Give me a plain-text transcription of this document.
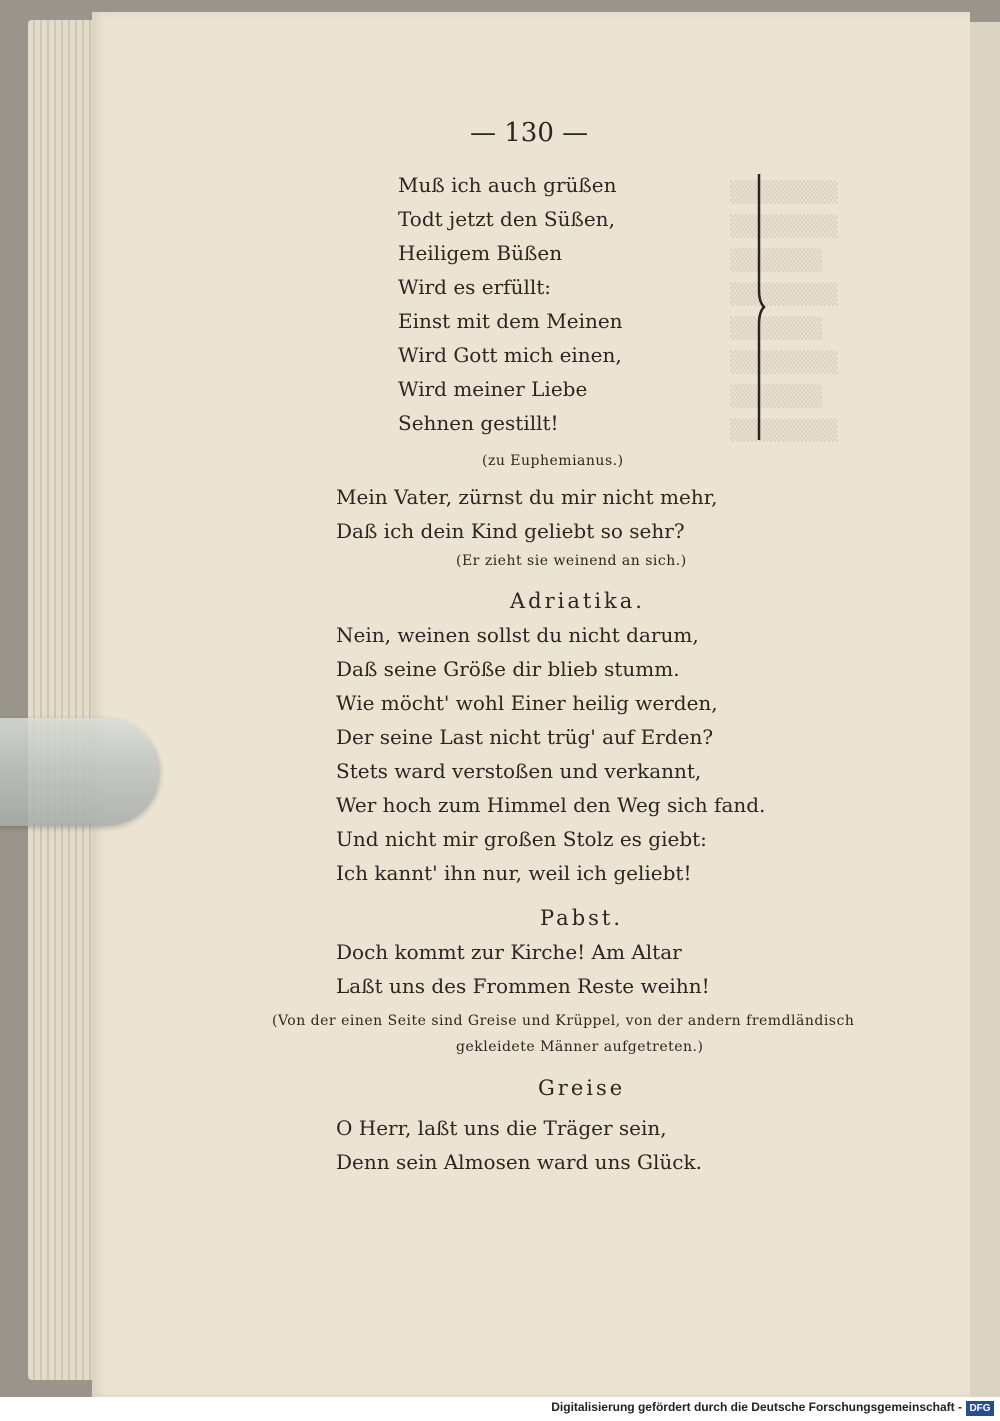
▒▒▒▒▒▒▒
▒▒▒▒▒▒▒
▒▒▒▒▒▒
▒▒▒▒▒▒▒
▒▒▒▒▒▒
▒▒▒▒▒▒▒
▒▒▒▒▒▒
▒▒▒▒▒▒▒
— 130 —
Muß ich auch grüßen
Todt jetzt den Süßen,
Heiligem Büßen
Wird es erfüllt:
Einst mit dem Meinen
Wird Gott mich einen,
Wird meiner Liebe
Sehnen gestillt!
(zu Euphemianus.)
Mein Vater, zürnst du mir nicht mehr,
Daß ich dein Kind geliebt so sehr?
(Er zieht sie weinend an sich.)
Adriatika.
Nein, weinen sollst du nicht darum,
Daß seine Größe dir blieb stumm.
Wie möcht' wohl Einer heilig werden,
Der seine Last nicht trüg' auf Erden?
Stets ward verstoßen und verkannt,
Wer hoch zum Himmel den Weg sich fand.
Und nicht mir großen Stolz es giebt:
Ich kannt' ihn nur, weil ich geliebt!
Pabst.
Doch kommt zur Kirche! Am Altar
Laßt uns des Frommen Reste weihn!
(Von der einen Seite sind Greise und Krüppel, von der andern fremdländisch
gekleidete Männer aufgetreten.)
Greise
O Herr, laßt uns die Träger sein,
Denn sein Almosen ward uns Glück.
Digitalisierung gefördert durch die Deutsche Forschungsgemeinschaft - DFG
